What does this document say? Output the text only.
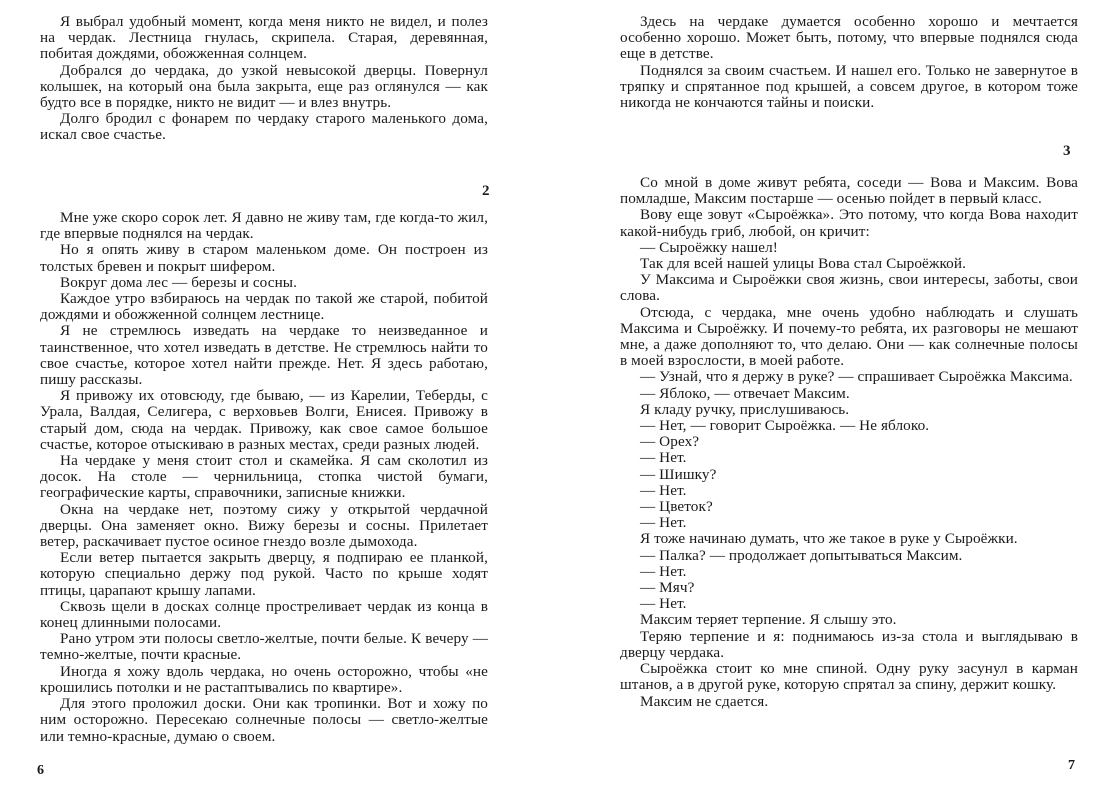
Я выбрал удобный момент, когда меня никто не видел, и полез на чердак. Лестница гнулась, скрипела. Старая, деревянная, побитая дождями, обожженная солнцем.

Добрался до чердака, до узкой невысокой дверцы. Повернул колышек, на который она была закрыта, еще раз оглянулся — как будто все в порядке, никто не видит — и влез внутрь.

Долго бродил с фонарем по чердаку старого маленького дома, искал свое счастье.

2

Мне уже скоро сорок лет. Я давно не живу там, где когда-то жил, где впервые поднялся на чердак.

Но я опять живу в старом маленьком доме. Он построен из толстых бревен и покрыт шифером.

Вокруг дома лес — березы и сосны.

Каждое утро взбираюсь на чердак по такой же старой, побитой дождями и обожженной солнцем лестнице.

Я не стремлюсь изведать на чердаке то неизведанное и таинственное, что хотел изведать в детстве. Не стремлюсь найти то свое счастье, которое хотел найти прежде. Нет. Я здесь работаю, пишу рассказы.

Я привожу их отовсюду, где бываю, — из Карелии, Теберды, с Урала, Валдая, Селигера, с верховьев Волги, Енисея. Привожу в старый дом, сюда на чердак. Привожу, как свое самое большое счастье, которое отыскиваю в разных местах, среди разных людей.

На чердаке у меня стоит стол и скамейка. Я сам сколотил из досок. На столе — чернильница, стопка чистой бумаги, географические карты, справочники, записные книжки.

Окна на чердаке нет, поэтому сижу у открытой чердачной дверцы. Она заменяет окно. Вижу березы и сосны. Прилетает ветер, раскачивает пустое осиное гнездо возле дымохода.

Если ветер пытается закрыть дверцу, я подпираю ее планкой, которую специально держу под рукой. Часто по крыше ходят птицы, царапают крышу лапами.

Сквозь щели в досках солнце простреливает чердак из конца в конец длинными полосами.

Рано утром эти полосы светло-желтые, почти белые. К вечеру — темно-желтые, почти красные.

Иногда я хожу вдоль чердака, но очень осторожно, чтобы «не крошились потолки и не растаптывались по квартире».

Для этого проложил доски. Они как тропинки. Вот и хожу по ним осторожно. Пересекаю солнечные полосы — светло-желтые или темно-красные, думаю о своем.

6

Здесь на чердаке думается особенно хорошо и мечтается особенно хорошо. Может быть, потому, что впервые поднялся сюда еще в детстве.

Поднялся за своим счастьем. И нашел его. Только не завернутое в тряпку и спрятанное под крышей, а совсем другое, в котором тоже никогда не кончаются тайны и поиски.

3

Со мной в доме живут ребята, соседи — Вова и Максим. Вова помладше, Максим постарше — осенью пойдет в первый класс.

Вову еще зовут «Сыроёжка». Это потому, что когда Вова находит какой-нибудь гриб, любой, он кричит:

— Сыроёжку нашел!

Так для всей нашей улицы Вова стал Сыроёжкой.

У Максима и Сыроёжки своя жизнь, свои интересы, заботы, свои слова.

Отсюда, с чердака, мне очень удобно наблюдать и слушать Максима и Сыроёжку. И почему-то ребята, их разговоры не мешают мне, а даже дополняют то, что делаю. Они — как солнечные полосы в моей взрослости, в моей работе.

— Узнай, что я держу в руке? — спрашивает Сыроёжка Максима.

— Яблоко, — отвечает Максим.

Я кладу ручку, прислушиваюсь.

— Нет, — говорит Сыроёжка. — Не яблоко.

— Орех?

— Нет.

— Шишку?

— Нет.

— Цветок?

— Нет.

Я тоже начинаю думать, что же такое в руке у Сыроёжки.

— Палка? — продолжает допытываться Максим.

— Нет.

— Мяч?

— Нет.

Максим теряет терпение. Я слышу это.

Теряю терпение и я: поднимаюсь из-за стола и выглядываю в дверцу чердака.

Сыроёжка стоит ко мне спиной. Одну руку засунул в карман штанов, а в другой руке, которую спрятал за спину, держит кошку.

Максим не сдается.

7
